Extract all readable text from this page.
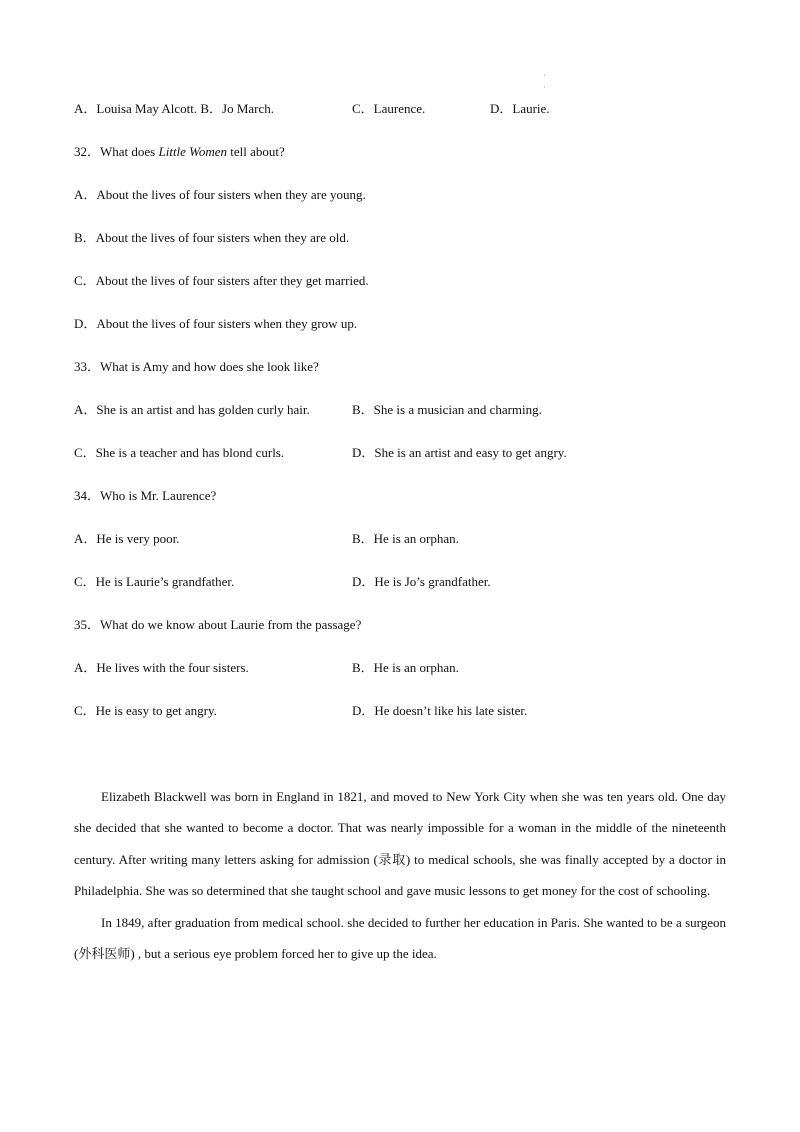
·
·
A．Louisa May Alcott. B．Jo March.	C．Laurence.	D．Laurie.
32．What does Little Women tell about?
A．About the lives of four sisters when they are young.
B．About the lives of four sisters when they are old.
C．About the lives of four sisters after they get married.
D．About the lives of four sisters when they grow up.
33．What is Amy and how does she look like?
A．She is an artist and has golden curly hair.	B．She is a musician and charming.
C．She is a teacher and has blond curls.	D．She is an artist and easy to get angry.
34．Who is Mr. Laurence?
A．He is very poor.	B．He is an orphan.
C．He is Laurie’s grandfather.	D．He is Jo’s grandfather.
35．What do we know about Laurie from the passage?
A．He lives with the four sisters.	B．He is an orphan.
C．He is easy to get angry.	D．He doesn’t like his late sister.

Elizabeth Blackwell was born in England in 1821, and moved to New York City when she was ten years old. One day she decided that she wanted to become a doctor. That was nearly impossible for a woman in the middle of the nineteenth century. After writing many letters asking for admission (录取) to medical schools, she was finally accepted by a doctor in Philadelphia. She was so determined that she taught school and gave music lessons to get money for the cost of schooling.

In 1849, after graduation from medical school. she decided to further her education in Paris. She wanted to be a surgeon (外科医师) , but a serious eye problem forced her to give up the idea.
